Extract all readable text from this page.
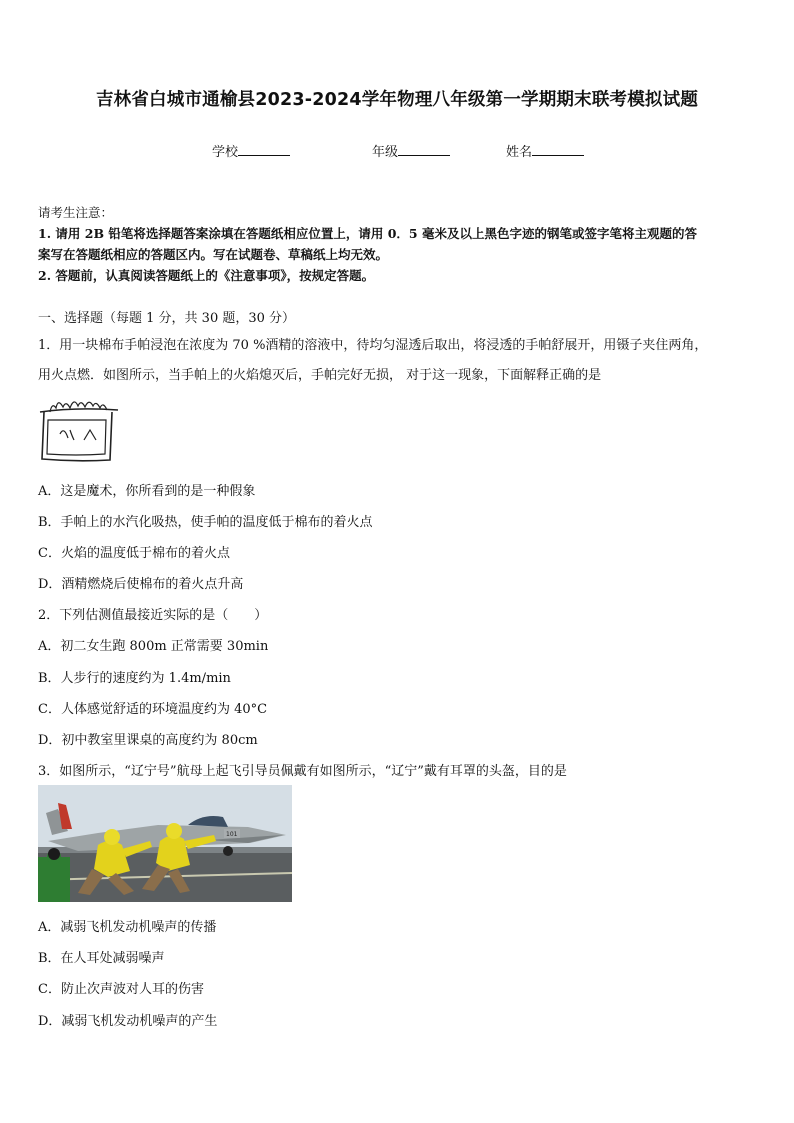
吉林省白城市通榆县2023-2024学年物理八年级第一学期期末联考模拟试题
学校	年级	姓名
请考生注意：
1. 请用 2B 铅笔将选择题答案涂填在答题纸相应位置上，请用 0．5 毫米及以上黑色字迹的钢笔或签字笔将主观题的答
案写在答题纸相应的答题区内。写在试题卷、草稿纸上均无效。
2. 答题前，认真阅读答题纸上的《注意事项》，按规定答题。
一、选择题（每题 1 分，共 30 题，30 分）
1．用一块棉布手帕浸泡在浓度为 70 %酒精的溶液中，待均匀湿透后取出，将浸透的手帕舒展开，用镊子夹住两角，
用火点燃．如图所示，当手帕上的火焰熄灭后，手帕完好无损， 对于这一现象，下面解释正确的是
A．这是魔术，你所看到的是一种假象
B．手帕上的水汽化吸热，使手帕的温度低于棉布的着火点
C．火焰的温度低于棉布的着火点
D．酒精燃烧后使棉布的着火点升高
2．下列估测值最接近实际的是（　　）
A．初二女生跑 800m 正常需要 30min
B．人步行的速度约为 1.4m/min
C．人体感觉舒适的环境温度约为 40°C
D．初中教室里课桌的高度约为 80cm
3．如图所示，“辽宁号”航母上起飞引导员佩戴有如图所示，“辽宁”戴有耳罩的头盔，目的是
101
A．减弱飞机发动机噪声的传播
B．在人耳处减弱噪声
C．防止次声波对人耳的伤害
D．减弱飞机发动机噪声的产生
